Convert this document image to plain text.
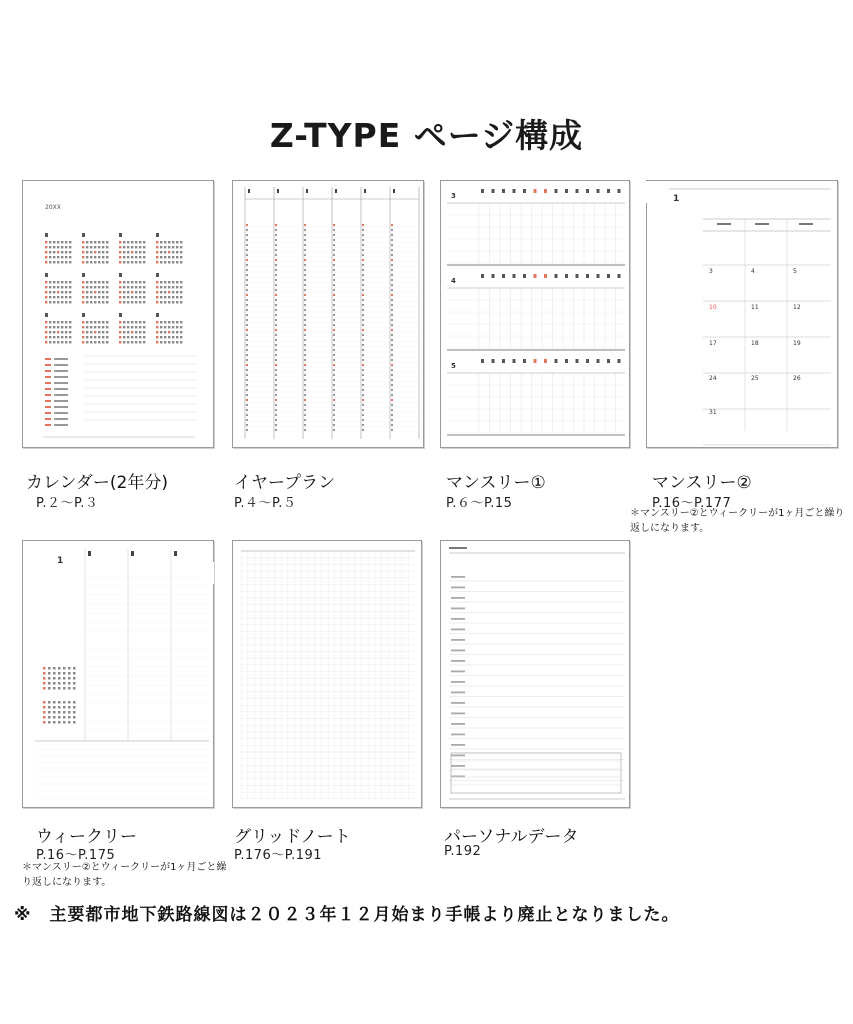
Z-TYPE ページ構成
20XX
カレンダー(2年分)
P.２～P.３
イヤープラン
P.４～P.５
3
4
5
マンスリー①
P.６～P.15
1
3	4	5
10	11	12
17	18	19
24	25	26
31
マンスリー②
P.16～P.177
＊マンスリー②とウィークリーが1ヶ月ごと繰り返しになります。
1
ウィークリー
P.16～P.175
＊マンスリー②とウィークリーが1ヶ月ごと繰り返しになります。
グリッドノート
P.176～P.191
パーソナルデータ
P.192
※　主要都市地下鉄路線図は２０２３年１２月始まり手帳より廃止となりました。
